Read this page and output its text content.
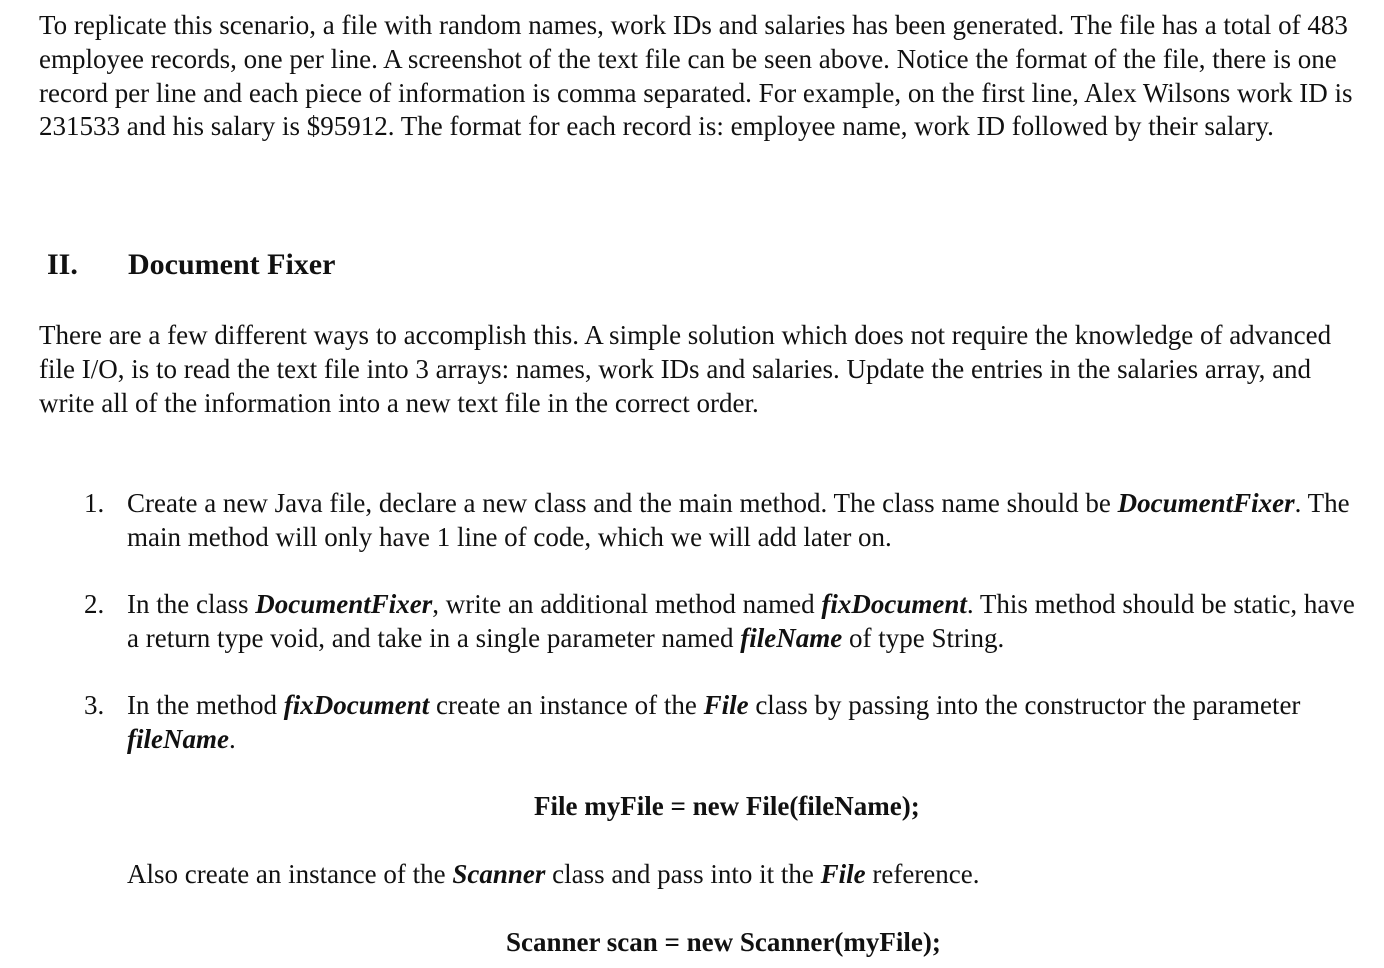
To replicate this scenario, a file with random names, work IDs and salaries has been generated. The file has a total of 483 employee records, one per line. A screenshot of the text file can be seen above. Notice the format of the file, there is one record per line and each piece of information is comma separated. For example, on the first line, Alex Wilsons work ID is 231533 and his salary is $95912. The format for each record is: employee name, work ID followed by their salary.

II. Document Fixer

There are a few different ways to accomplish this. A simple solution which does not require the knowledge of advanced file I/O, is to read the text file into 3 arrays: names, work IDs and salaries. Update the entries in the salaries array, and write all of the information into a new text file in the correct order.

1. Create a new Java file, declare a new class and the main method. The class name should be DocumentFixer. The main method will only have 1 line of code, which we will add later on.
2. In the class DocumentFixer, write an additional method named fixDocument. This method should be static, have a return type void, and take in a single parameter named fileName of type String.
3. In the method fixDocument create an instance of the File class by passing into the constructor the parameter fileName.
File myFile = new File(fileName);
Also create an instance of the Scanner class and pass into it the File reference.
Scanner scan = new Scanner(myFile);
